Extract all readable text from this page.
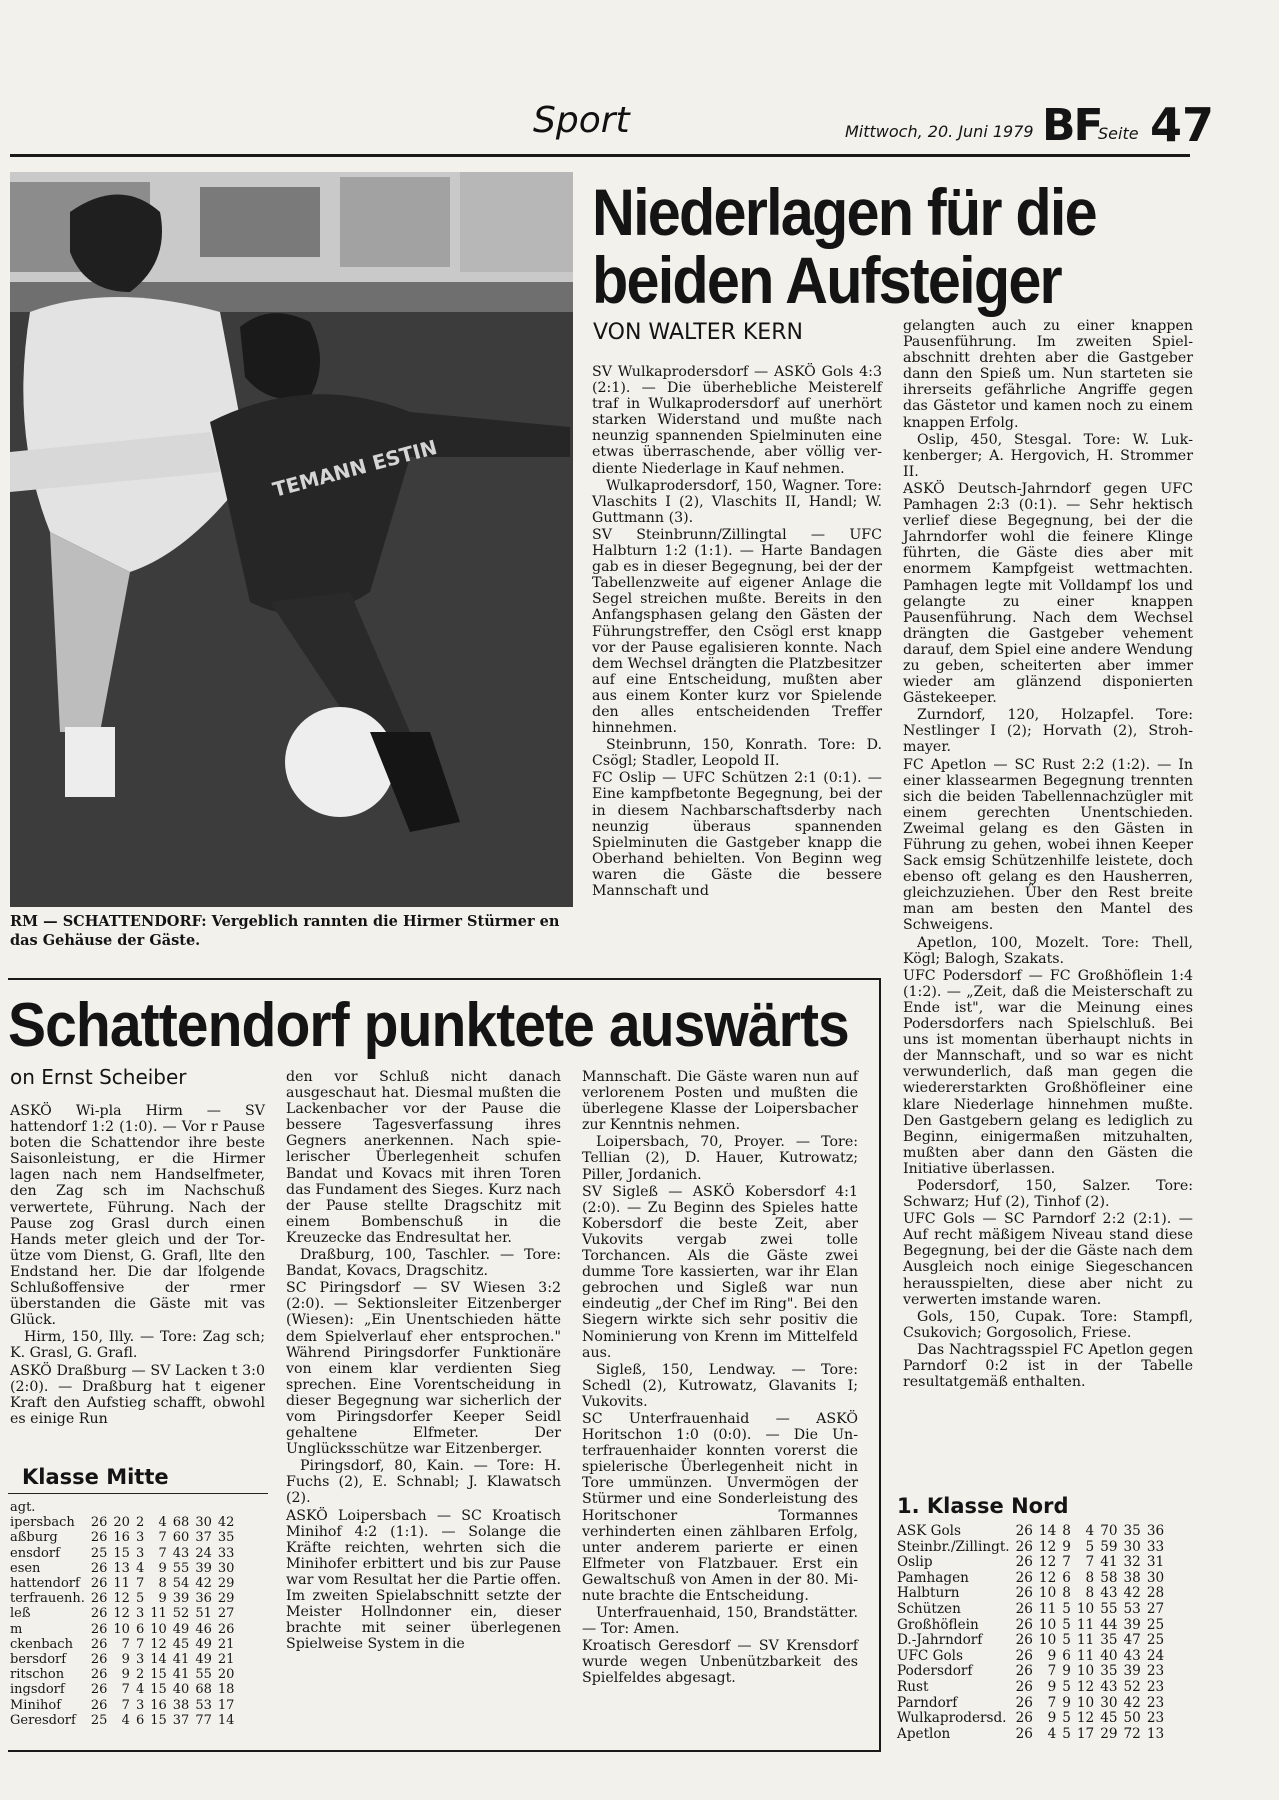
Sport	Mittwoch, 20. Juni 1979 BF
Seite 47
TEMANN ESTIN
RM — SCHATTENDORF: Vergeblich rannten die Hirmer Stürmer en das Gehäuse der Gäste.
Niederlagen für die beiden Aufsteiger
VON WALTER KERN

SV Wulkaprodersdorf — ASKÖ Gols 4:3 (2:1). — Die überhebliche Meisterelf traf in Wulkaprodersdorf auf unerhört starken Widerstand und mußte nach neunzig spannenden Spielminuten eine etwas überraschende, aber völlig verdiente Niederlage in Kauf nehmen.

Wulkaprodersdorf, 150, Wagner. Tore: Vlaschits I (2), Vlaschits II, Handl; W. Guttmann (3).

SV Steinbrunn/Zillingtal — UFC Halbturn 1:2 (1:1). — Harte Bandagen gab es in dieser Begegnung, bei der der Tabellenzweite auf eigener Anlage die Segel streichen mußte. Bereits in den Anfangsphasen gelang den Gästen der Führungstreffer, den Csögl erst knapp vor der Pause egalisieren konnte. Nach dem Wechsel drängten die Platzbesitzer auf eine Entscheidung, mußten aber aus einem Konter kurz vor Spielende den alles entscheidenden Treffer hinnehmen.

Steinbrunn, 150, Konrath. Tore: D. Csögl; Stadler, Leopold II.

FC Oslip — UFC Schützen 2:1 (0:1). — Eine kampfbetonte Begegnung, bei der in diesem Nachbarschaftsderby nach neunzig überaus spannenden Spielminuten die Gastgeber knapp die Oberhand behielten. Von Beginn weg waren die Gäste die bessere Mannschaft und

gelangten auch zu einer knappen Pausenführung. Im zweiten Spielabschnitt drehten aber die Gastgeber dann den Spieß um. Nun starteten sie ihrerseits gefährliche Angriffe gegen das Gästetor und kamen noch zu einem knappen Erfolg.

Oslip, 450, Stesgal. Tore: W. Lukkenberger; A. Hergovich, H. Strommer II.

ASKÖ Deutsch-Jahrndorf gegen UFC Pamhagen 2:3 (0:1). — Sehr hektisch verlief diese Begegnung, bei der die Jahrndorfer wohl die feinere Klinge führten, die Gäste dies aber mit enormem Kampfgeist wettmachten. Pamhagen legte mit Volldampf los und gelangte zu einer knappen Pausenführung. Nach dem Wechsel drängten die Gastgeber vehement darauf, dem Spiel eine andere Wendung zu geben, scheiterten aber immer wieder am glänzend disponierten Gästekeeper.

Zurndorf, 120, Holzapfel. Tore: Nestlinger I (2); Horvath (2), Strohmayer.

FC Apetlon — SC Rust 2:2 (1:2). — In einer klassearmen Begegnung trennten sich die beiden Tabellennachzügler mit einem gerechten Unentschieden. Zweimal gelang es den Gästen in Führung zu gehen, wobei ihnen Keeper Sack emsig Schützenhilfe leistete, doch ebenso oft gelang es den Hausherren, gleichzuziehen. Über den Rest breite man am besten den Mantel des Schweigens.

Apetlon, 100, Mozelt. Tore: Thell, Kögl; Balogh, Szakats.

UFC Podersdorf — FC Großhöflein 1:4 (1:2). — „Zeit, daß die Meisterschaft zu Ende ist", war die Meinung eines Podersdorfers nach Spielschluß. Bei uns ist momentan überhaupt nichts in der Mannschaft, und so war es nicht verwunderlich, daß man gegen die wiedererstarkten Großhöfleiner eine klare Niederlage hinnehmen mußte. Den Gastgebern gelang es lediglich zu Beginn, einigermaßen mitzuhalten, mußten aber dann den Gästen die Initiative überlassen.

Podersdorf, 150, Salzer. Tore: Schwarz; Huf (2), Tinhof (2).

UFC Gols — SC Parndorf 2:2 (2:1). — Auf recht mäßigem Niveau stand diese Begegnung, bei der die Gäste nach dem Ausgleich noch einige Siegeschancen herausspielten, diese aber nicht zu verwerten imstande waren.

Gols, 150, Cupak. Tore: Stampfl, Csukovich; Gorgosolich, Friese.

Das Nachtragsspiel FC Apetlon gegen Parndorf 0:2 ist in der Tabelle resultatgemäß enthalten.

1. Klasse Nord
ASK Gols	26	14	8	4	70	35	36
Steinbr./Zillingt.	26	12	9	5	59	30	33
Oslip	26	12	7	7	41	32	31
Pamhagen	26	12	6	8	58	38	30
Halbturn	26	10	8	8	43	42	28
Schützen	26	11	5	10	55	53	27
Großhöflein	26	10	5	11	44	39	25
D.-Jahrndorf	26	10	5	11	35	47	25
UFC Gols	26	9	6	11	40	43	24
Podersdorf	26	7	9	10	35	39	23
Rust	26	9	5	12	43	52	23
Parndorf	26	7	9	10	30	42	23
Wulkaprodersd.	26	9	5	12	45	50	23
Apetlon	26	4	5	17	29	72	13
Schattendorf punktete auswärts
on Ernst Scheiber

ASKÖ Wi-pla Hirm — SV hattendorf 1:2 (1:0). — Vor r Pause boten die Schattendor ihre beste Saisonleistung, er die Hirmer lagen nach nem Handselfmeter, den Zag sch im Nachschuß verwertete, Führung. Nach der Pause zog Grasl durch einen Hands meter gleich und der Tor ütze vom Dienst, G. Grafl, llte den Endstand her. Die dar lfolgende Schlußoffensive der rmer überstanden die Gäste mit vas Glück.

Hirm, 150, Illy. — Tore: Zag sch; K. Grasl, G. Grafl.

ASKÖ Draßburg — SV Lacken t 3:0 (2:0). — Draßburg hat t eigener Kraft den Aufstieg schafft, obwohl es einige Run

Klasse Mitte
agt.							
ipersbach	26	20	2	4	68	30	42
aßburg	26	16	3	7	60	37	35
ensdorf	25	15	3	7	43	24	33
esen	26	13	4	9	55	39	30
hattendorf	26	11	7	8	54	42	29
terfrauenh.	26	12	5	9	39	36	29
leß	26	12	3	11	52	51	27
m	26	10	6	10	49	46	26
ckenbach	26	7	7	12	45	49	21
bersdorf	26	9	3	14	41	49	21
ritschon	26	9	2	15	41	55	20
ingsdorf	26	7	4	15	40	68	18
Minihof	26	7	3	16	38	53	17
Geresdorf	25	4	6	15	37	77	14

den vor Schluß nicht danach ausgeschaut hat. Diesmal mußten die Lackenbacher vor der Pause die bessere Tagesverfassung ihres Gegners anerkennen. Nach spielerischer Überlegenheit schufen Bandat und Kovacs mit ihren Toren das Fundament des Sieges. Kurz nach der Pause stellte Dragschitz mit einem Bombenschuß in die Kreuzecke das Endresultat her.

Draßburg, 100, Taschler. — Tore: Bandat, Kovacs, Dragschitz.

SC Piringsdorf — SV Wiesen 3:2 (2:0). — Sektionsleiter Eitzenberger (Wiesen): „Ein Unentschieden hätte dem Spielverlauf eher entsprochen." Während Piringsdorfer Funktionäre von einem klar verdienten Sieg sprechen. Eine Vorentscheidung in dieser Begegnung war sicherlich der vom Piringsdorfer Keeper Seidl gehaltene Elfmeter. Der Unglücksschütze war Eitzenberger.

Piringsdorf, 80, Kain. — Tore: H. Fuchs (2), E. Schnabl; J. Klawatsch (2).

ASKÖ Loipersbach — SC Kroatisch Minihof 4:2 (1:1). — Solange die Kräfte reichten, wehrten sich die Minihofer erbittert und bis zur Pause war vom Resultat her die Partie offen. Im zweiten Spielabschnitt setzte der Meister Hollndonner ein, dieser brachte mit seiner überlegenen Spielweise System in die

Mannschaft. Die Gäste waren nun auf verlorenem Posten und mußten die überlegene Klasse der Loipersbacher zur Kenntnis nehmen.

Loipersbach, 70, Proyer. — Tore: Tellian (2), D. Hauer, Kutrowatz; Piller, Jordanich.

SV Sigleß — ASKÖ Kobersdorf 4:1 (2:0). — Zu Beginn des Spieles hatte Kobersdorf die beste Zeit, aber Vukovits vergab zwei tolle Torchancen. Als die Gäste zwei dumme Tore kassierten, war ihr Elan gebrochen und Sigleß war nun eindeutig „der Chef im Ring". Bei den Siegern wirkte sich sehr positiv die Nominierung von Krenn im Mittelfeld aus.

Sigleß, 150, Lendway. — Tore: Schedl (2), Kutrowatz, Glavanits I; Vukovits.

SC Unterfrauenhaid — ASKÖ Horitschon 1:0 (0:0). — Die Unterfrauenhaider konnten vorerst die spielerische Überlegenheit nicht in Tore ummünzen. Unvermögen der Stürmer und eine Sonderleistung des Horitschoner Tormannes verhinderten einen zählbaren Erfolg, unter anderem parierte er einen Elfmeter von Flatzbauer. Erst ein Gewaltschuß von Amen in der 80. Minute brachte die Entscheidung.

Unterfrauenhaid, 150, Brandstätter. — Tor: Amen.

Kroatisch Geresdorf — SV Krensdorf wurde wegen Unbenützbarkeit des Spielfeldes abgesagt.
